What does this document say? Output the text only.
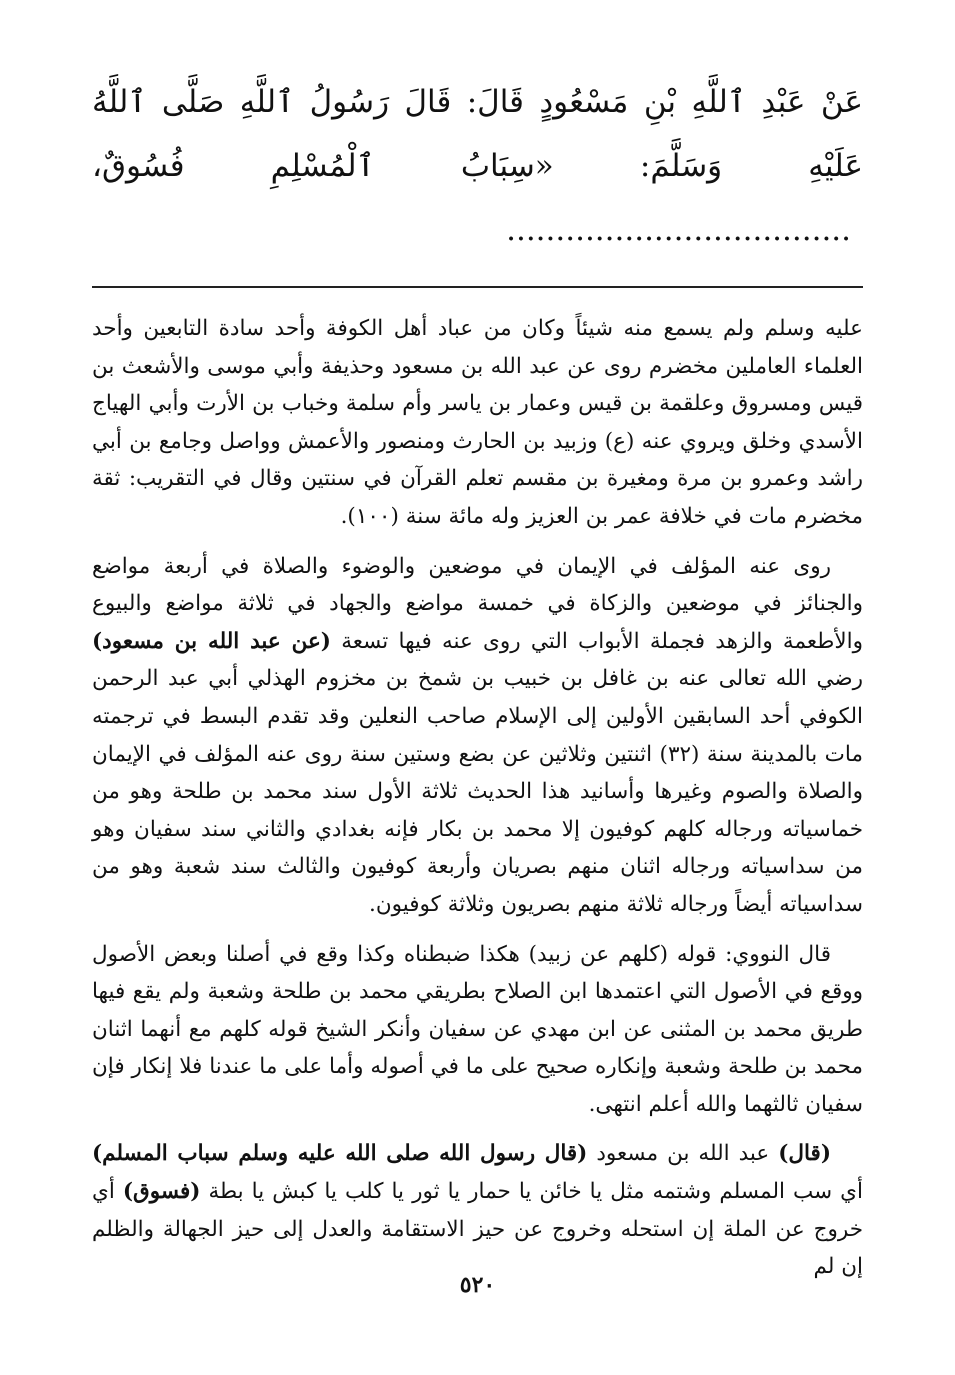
عَنْ عَبْدِ ٱللَّهِ بْنِ مَسْعُودٍ قَالَ: قَالَ رَسُولُ ٱللَّهِ صَلَّى ٱللَّهُ عَلَيْهِ وَسَلَّمَ: «سِبَابُ ٱلْمُسْلِمِ فُسُوقٌ، ...................................

عليه وسلم ولم يسمع منه شيئاً وكان من عباد أهل الكوفة وأحد سادة التابعين وأحد العلماء العاملين مخضرم روى عن عبد الله بن مسعود وحذيفة وأبي موسى والأشعث بن قيس ومسروق وعلقمة بن قيس وعمار بن ياسر وأم سلمة وخباب بن الأرت وأبي الهياج الأسدي وخلق ويروي عنه (ع) وزبيد بن الحارث ومنصور والأعمش وواصل وجامع بن أبي راشد وعمرو بن مرة ومغيرة بن مقسم تعلم القرآن في سنتين وقال في التقريب: ثقة مخضرم مات في خلافة عمر بن العزيز وله مائة سنة (١٠٠).

روى عنه المؤلف في الإيمان في موضعين والوضوء والصلاة في أربعة مواضع والجنائز في موضعين والزكاة في خمسة مواضع والجهاد في ثلاثة مواضع والبيوع والأطعمة والزهد فجملة الأبواب التي روى عنه فيها تسعة (عن عبد الله بن مسعود) رضي الله تعالى عنه بن غافل بن خبيب بن شمخ بن مخزوم الهذلي أبي عبد الرحمن الكوفي أحد السابقين الأولين إلى الإسلام صاحب النعلين وقد تقدم البسط في ترجمته مات بالمدينة سنة (٣٢) اثنتين وثلاثين عن بضع وستين سنة روى عنه المؤلف في الإيمان والصلاة والصوم وغيرها وأسانيد هذا الحديث ثلاثة الأول سند محمد بن طلحة وهو من خماسياته ورجاله كلهم كوفيون إلا محمد بن بكار فإنه بغدادي والثاني سند سفيان وهو من سداسياته ورجاله اثنان منهم بصريان وأربعة كوفيون والثالث سند شعبة وهو من سداسياته أيضاً ورجاله ثلاثة منهم بصريون وثلاثة كوفيون.

قال النووي: قوله (كلهم عن زبيد) هكذا ضبطناه وكذا وقع في أصلنا وبعض الأصول ووقع في الأصول التي اعتمدها ابن الصلاح بطريقي محمد بن طلحة وشعبة ولم يقع فيها طريق محمد بن المثنى عن ابن مهدي عن سفيان وأنكر الشيخ قوله كلهم مع أنهما اثنان محمد بن طلحة وشعبة وإنكاره صحيح على ما في أصوله وأما على ما عندنا فلا إنكار فإن سفيان ثالثهما والله أعلم انتهى.

(قال) عبد الله بن مسعود (قال رسول الله صلى الله عليه وسلم سباب المسلم) أي سب المسلم وشتمه مثل يا خائن يا حمار يا ثور يا كلب يا كبش يا بطة (فسوق) أي خروج عن الملة إن استحله وخروج عن حيز الاستقامة والعدل إلى حيز الجهالة والظلم إن لم

٥٢٠
